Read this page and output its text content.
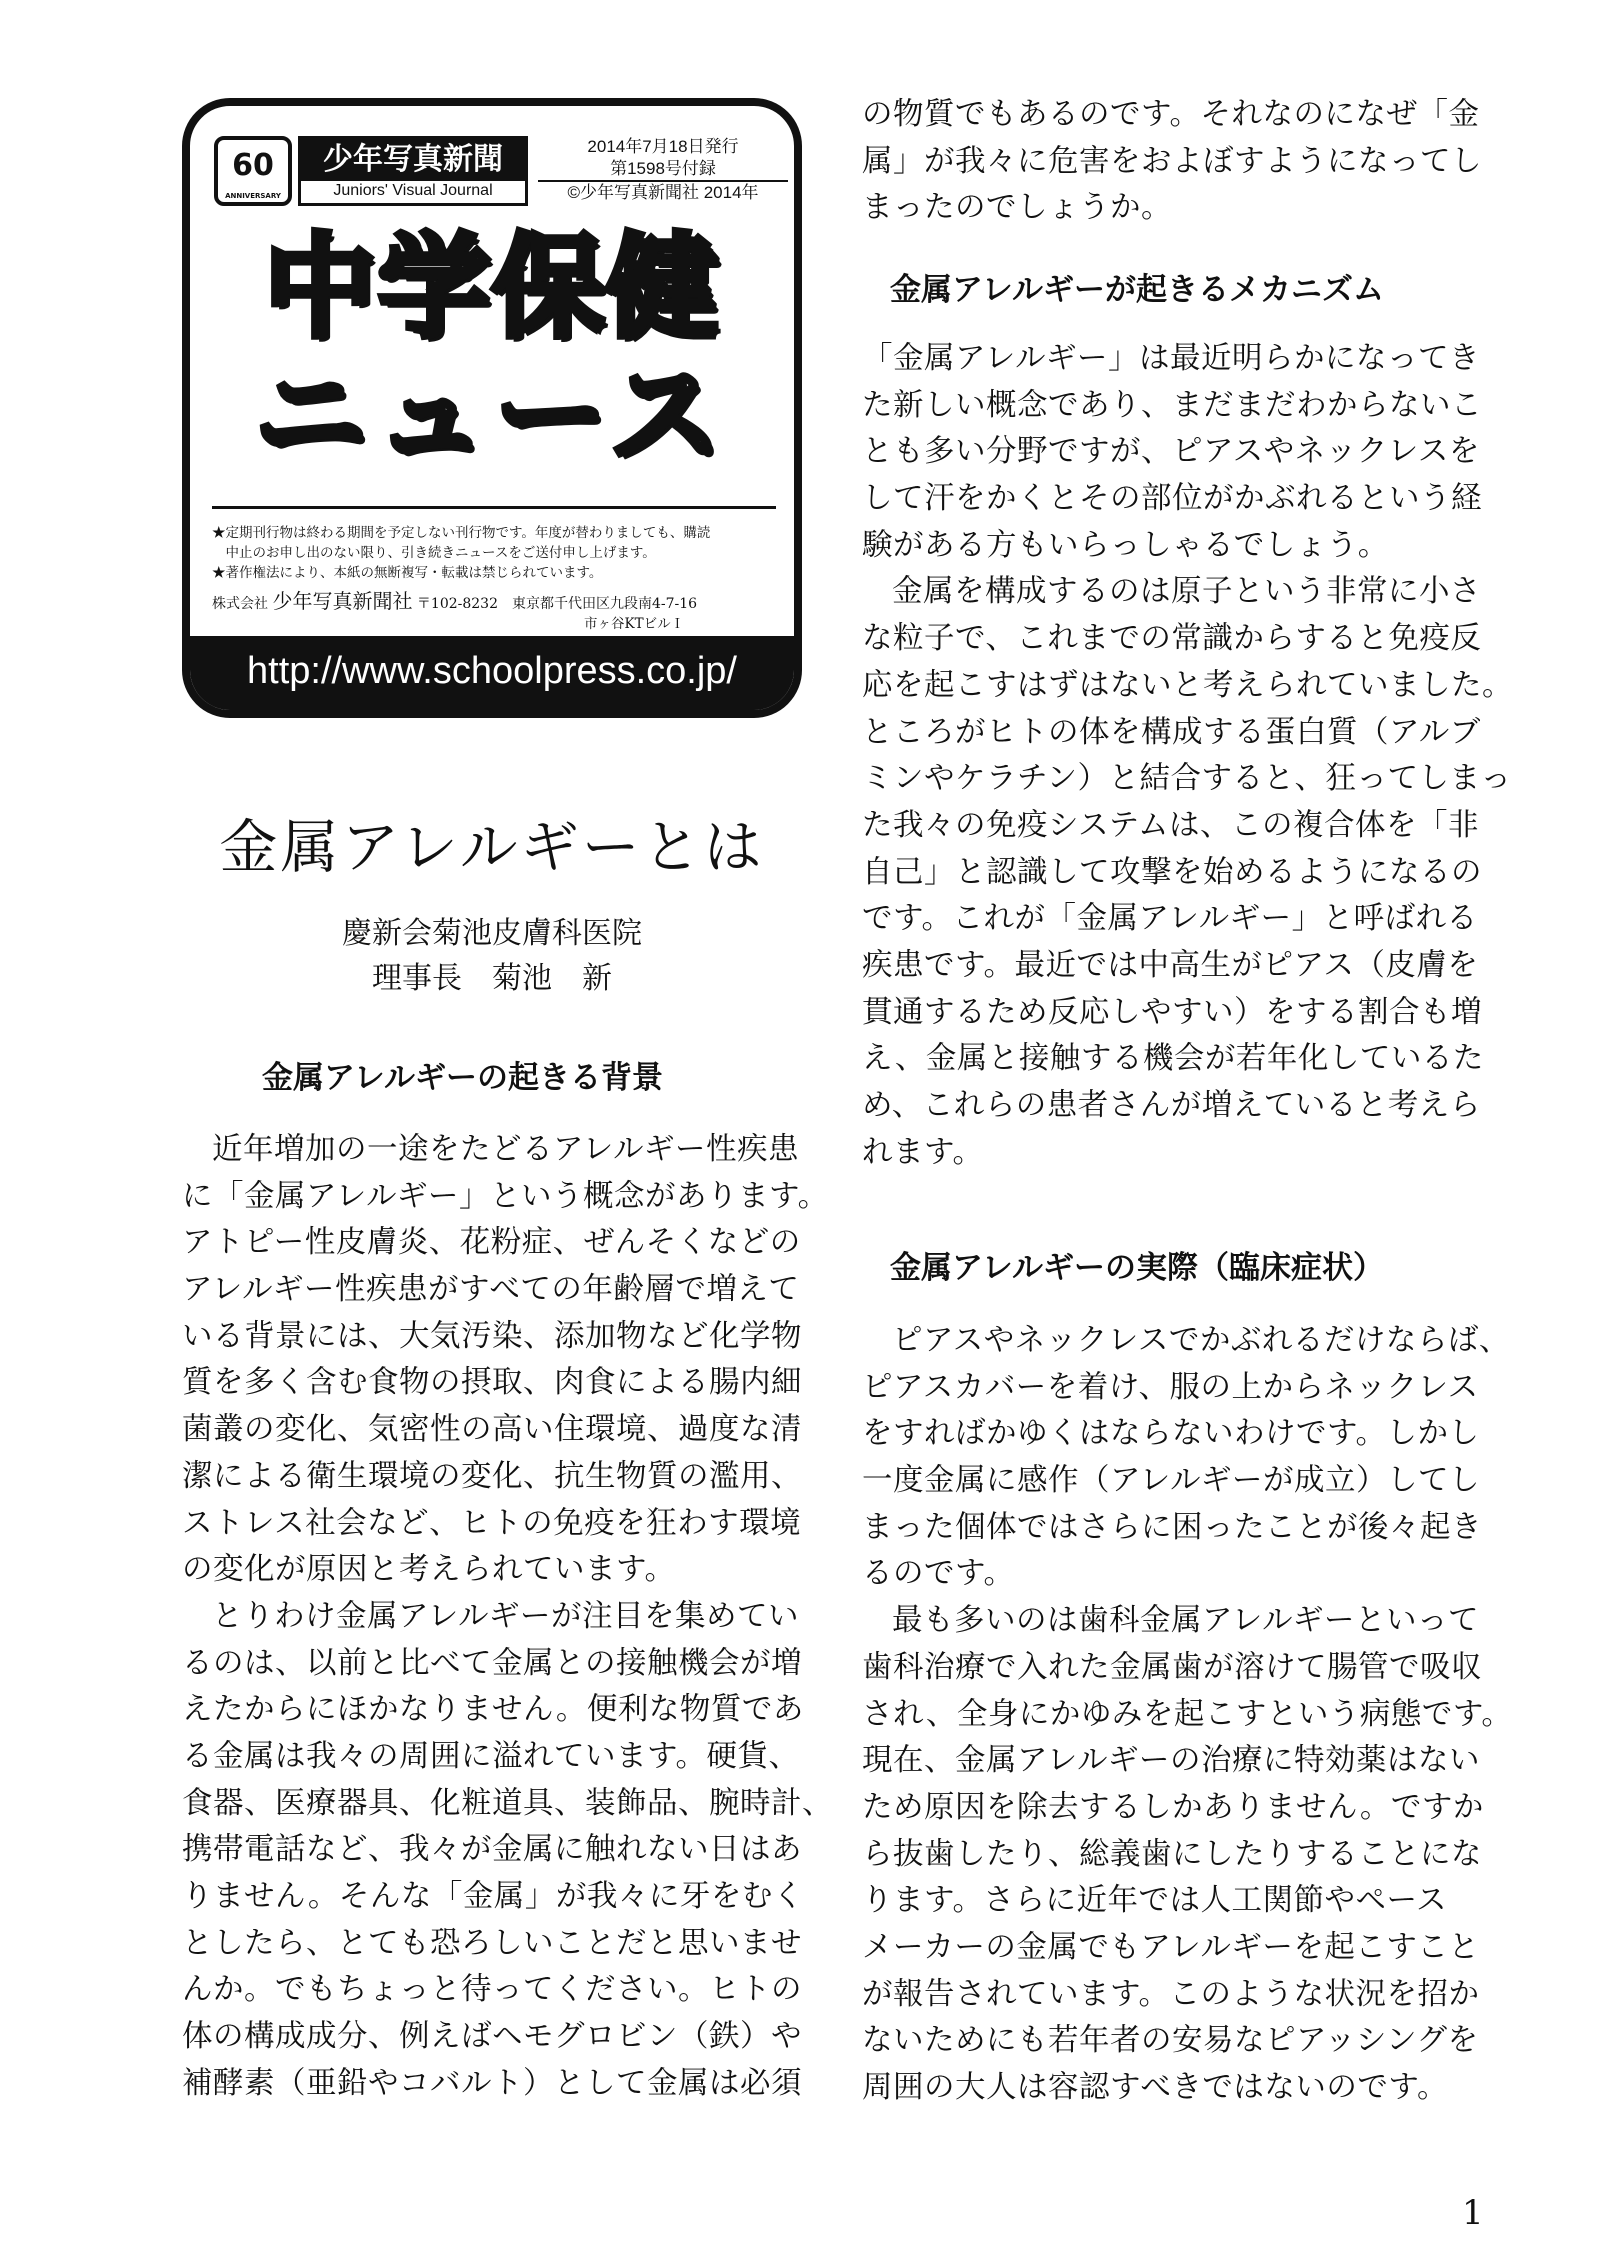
60
ANNIVERSARY
少年写真新聞
Juniors' Visual Journal
2014年7月18日発行
第1598号付録
©少年写真新聞社 2014年
中学保健
ニュース
★定期刊行物は終わる期間を予定しない刊行物です。年度が替わりましても、購読
　中止のお申し出のない限り、引き続きニュースをご送付申し上げます。
★著作権法により、本紙の無断複写・転載は禁じられています。
株式会社 少年写真新聞社 〒102-8232　東京都千代田区九段南4-7-16
市ヶ谷KTビルＩ
http://www.schoolpress.co.jp/
金属アレルギーとは
慶新会菊池皮膚科医院
理事長　菊池　新
金属アレルギーの起きる背景
近年増加の一途をたどるアレルギー性疾患
に「金属アレルギー」という概念があります。
アトピー性皮膚炎、花粉症、ぜんそくなどの
アレルギー性疾患がすべての年齢層で増えて
いる背景には、大気汚染、添加物など化学物
質を多く含む食物の摂取、肉食による腸内細
菌叢の変化、気密性の高い住環境、過度な清
潔による衛生環境の変化、抗生物質の濫用、
ストレス社会など、ヒトの免疫を狂わす環境
の変化が原因と考えられています。
とりわけ金属アレルギーが注目を集めてい
るのは、以前と比べて金属との接触機会が増
えたからにほかなりません。便利な物質であ
る金属は我々の周囲に溢れています。硬貨、
食器、医療器具、化粧道具、装飾品、腕時計、
携帯電話など、我々が金属に触れない日はあ
りません。そんな「金属」が我々に牙をむく
としたら、とても恐ろしいことだと思いませ
んか。でもちょっと待ってください。ヒトの
体の構成成分、例えばヘモグロビン（鉄）や
補酵素（亜鉛やコバルト）として金属は必須
の物質でもあるのです。それなのになぜ「金
属」が我々に危害をおよぼすようになってし
まったのでしょうか。
金属アレルギーが起きるメカニズム
「金属アレルギー」は最近明らかになってき
た新しい概念であり、まだまだわからないこ
とも多い分野ですが、ピアスやネックレスを
して汗をかくとその部位がかぶれるという経
験がある方もいらっしゃるでしょう。
金属を構成するのは原子という非常に小さ
な粒子で、これまでの常識からすると免疫反
応を起こすはずはないと考えられていました。
ところがヒトの体を構成する蛋白質（アルブ
ミンやケラチン）と結合すると、狂ってしまっ
た我々の免疫システムは、この複合体を「非
自己」と認識して攻撃を始めるようになるの
です。これが「金属アレルギー」と呼ばれる
疾患です。最近では中高生がピアス（皮膚を
貫通するため反応しやすい）をする割合も増
え、金属と接触する機会が若年化しているた
め、これらの患者さんが増えていると考えら
れます。
金属アレルギーの実際（臨床症状）
ピアスやネックレスでかぶれるだけならば、
ピアスカバーを着け、服の上からネックレス
をすればかゆくはならないわけです。しかし
一度金属に感作（アレルギーが成立）してし
まった個体ではさらに困ったことが後々起き
るのです。
最も多いのは歯科金属アレルギーといって
歯科治療で入れた金属歯が溶けて腸管で吸収
され、全身にかゆみを起こすという病態です。
現在、金属アレルギーの治療に特効薬はない
ため原因を除去するしかありません。ですか
ら抜歯したり、総義歯にしたりすることにな
ります。さらに近年では人工関節やペース
メーカーの金属でもアレルギーを起こすこと
が報告されています。このような状況を招か
ないためにも若年者の安易なピアッシングを
周囲の大人は容認すべきではないのです。
1
